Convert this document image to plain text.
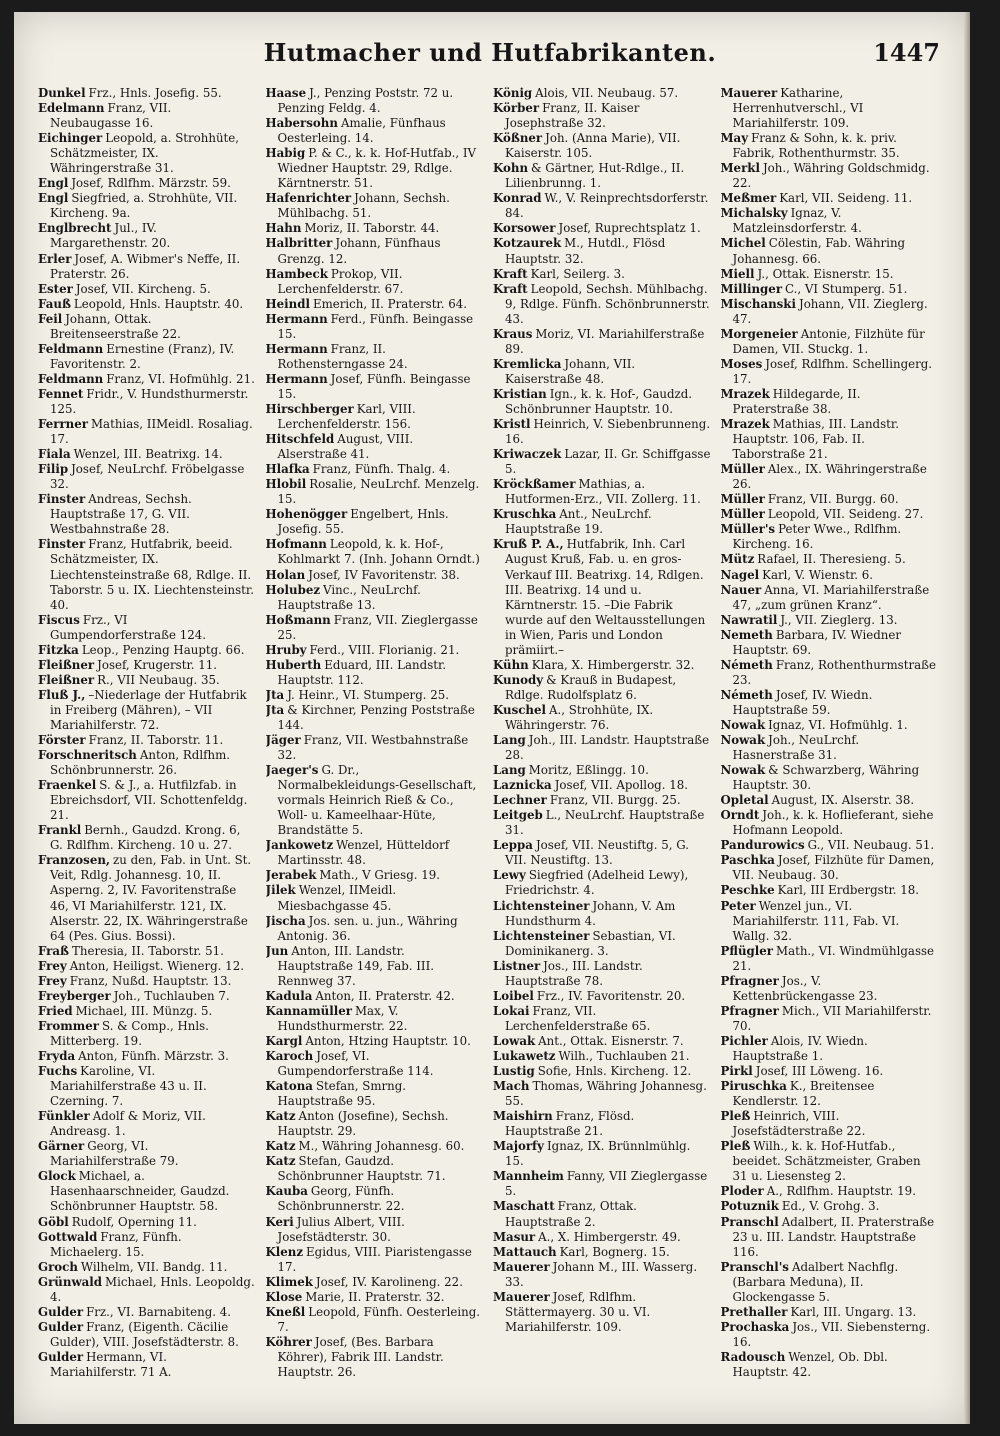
Hutmacher und Hutfabrikanten.	1447
Dunkel Frz., Hnls. Josefig. 55.
Edelmann Franz, VII. Neubaugasse 16.
Eichinger Leopold, a. Strohhüte, Schätzmeister, IX. Währingerstraße 31.
Engl Josef, Rdlfhm. Märzstr. 59.
Engl Siegfried, a. Strohhüte, VII. Kircheng. 9a.
Englbrecht Jul., IV. Margarethenstr. 20.
Erler Josef, A. Wibmer's Neffe, II. Praterstr. 26.
Ester Josef, VII. Kircheng. 5.
Fauß Leopold, Hnls. Hauptstr. 40.
Feil Johann, Ottak. Breitenseerstraße 22.
Feldmann Ernestine (Franz), IV. Favoritenstr. 2.
Feldmann Franz, VI. Hofmühlg. 21.
Fennet Fridr., V. Hundsthurmerstr. 125.
Ferrner Mathias, IIMeidl. Rosaliag. 17.
Fiala Wenzel, III. Beatrixg. 14.
Filip Josef, NeuLrchf. Fröbelgasse 32.
Finster Andreas, Sechsh. Hauptstraße 17, G. VII. Westbahnstraße 28.
Finster Franz, Hutfabrik, beeid. Schätzmeister, IX. Liechtensteinstraße 68, Rdlge. II. Taborstr. 5 u. IX. Liechtensteinstr. 40.
Fiscus Frz., VI Gumpendorferstraße 124.
Fitzka Leop., Penzing Hauptg. 66.
Fleißner Josef, Krugerstr. 11.
Fleißner R., VII Neubaug. 35.
Fluß J., –Niederlage der Hutfabrik in Freiberg (Mähren), – VII Mariahilferstr. 72.
Förster Franz, II. Taborstr. 11.
Forschneritsch Anton, Rdlfhm. Schönbrunnerstr. 26.
Fraenkel S. & J., a. Hutfilzfab. in Ebreichsdorf, VII. Schottenfeldg. 21.
Frankl Bernh., Gaudzd. Krong. 6, G. Rdlfhm. Kircheng. 10 u. 27.
Franzosen, zu den, Fab. in Unt. St. Veit, Rdlg. Johannesg. 10, II. Asperng. 2, IV. Favoritenstraße 46, VI Mariahilferstr. 121, IX. Alserstr. 22, IX. Währingerstraße 64 (Pes. Gius. Bossi).
Fraß Theresia, II. Taborstr. 51.
Frey Anton, Heiligst. Wienerg. 12.
Frey Franz, Nußd. Hauptstr. 13.
Freyberger Joh., Tuchlauben 7.
Fried Michael, III. Münzg. 5.
Frommer S. & Comp., Hnls. Mitterberg. 19.
Fryda Anton, Fünfh. Märzstr. 3.
Fuchs Karoline, VI. Mariahilferstraße 43 u. II. Czerning. 7.
Fünkler Adolf & Moriz, VII. Andreasg. 1.
Gärner Georg, VI. Mariahilferstraße 79.
Glock Michael, a. Hasenhaarschneider, Gaudzd. Schönbrunner Hauptstr. 58.
Göbl Rudolf, Operning 11.
Gottwald Franz, Fünfh. Michaelerg. 15.
Groch Wilhelm, VII. Bandg. 11.
Grünwald Michael, Hnls. Leopoldg. 4.
Gulder Frz., VI. Barnabiteng. 4.
Gulder Franz, (Eigenth. Cäcilie Gulder), VIII. Josefstädterstr. 8.
Gulder Hermann, VI. Mariahilferstr. 71 A.
Haase J., Penzing Poststr. 72 u. Penzing Feldg. 4.
Habersohn Amalie, Fünfhaus Oesterleing. 14.
Habig P. & C., k. k. Hof-Hutfab., IV Wiedner Hauptstr. 29, Rdlge. Kärntnerstr. 51.
Hafenrichter Johann, Sechsh. Mühlbachg. 51.
Hahn Moriz, II. Taborstr. 44.
Halbritter Johann, Fünfhaus Grenzg. 12.
Hambeck Prokop, VII. Lerchenfelderstr. 67.
Heindl Emerich, II. Praterstr. 64.
Hermann Ferd., Fünfh. Beingasse 15.
Hermann Franz, II. Rothensterngasse 24.
Hermann Josef, Fünfh. Beingasse 15.
Hirschberger Karl, VIII. Lerchenfelderstr. 156.
Hitschfeld August, VIII. Alserstraße 41.
Hlafka Franz, Fünfh. Thalg. 4.
Hlobil Rosalie, NeuLrchf. Menzelg. 15.
Hohenögger Engelbert, Hnls. Josefig. 55.
Hofmann Leopold, k. k. Hof-, Kohlmarkt 7. (Inh. Johann Orndt.)
Holan Josef, IV Favoritenstr. 38.
Holubez Vinc., NeuLrchf. Hauptstraße 13.
Hoßmann Franz, VII. Zieglergasse 25.
Hruby Ferd., VIII. Florianig. 21.
Huberth Eduard, III. Landstr. Hauptstr. 112.
Jta J. Heinr., VI. Stumperg. 25.
Jta & Kirchner, Penzing Poststraße 144.
Jäger Franz, VII. Westbahnstraße 32.
Jaeger's G. Dr., Normalbekleidungs-Gesellschaft, vormals Heinrich Rieß & Co., Woll- u. Kameelhaar-Hüte, Brandstätte 5.
Jankowetz Wenzel, Hütteldorf Martinsstr. 48.
Jerabek Math., V Griesg. 19.
Jilek Wenzel, IIMeidl. Miesbachgasse 45.
Jischa Jos. sen. u. jun., Währing Antonig. 36.
Jun Anton, III. Landstr. Hauptstraße 149, Fab. III. Rennweg 37.
Kadula Anton, II. Praterstr. 42.
Kannamüller Max, V. Hundsthurmerstr. 22.
Kargl Anton, Htzing Hauptstr. 10.
Karoch Josef, VI. Gumpendorferstraße 114.
Katona Stefan, Smrng. Hauptstraße 95.
Katz Anton (Josefine), Sechsh. Hauptstr. 29.
Katz M., Währing Johannesg. 60.
Katz Stefan, Gaudzd. Schönbrunner Hauptstr. 71.
Kauba Georg, Fünfh. Schönbrunnerstr. 22.
Keri Julius Albert, VIII. Josefstädterstr. 30.
Klenz Egidus, VIII. Piaristengasse 17.
Klimek Josef, IV. Karolineng. 22.
Klose Marie, II. Praterstr. 32.
Kneßl Leopold, Fünfh. Oesterleing. 7.
Köhrer Josef, (Bes. Barbara Köhrer), Fabrik III. Landstr. Hauptstr. 26.
König Alois, VII. Neubaug. 57.
Körber Franz, II. Kaiser Josephstraße 32.
Kößner Joh. (Anna Marie), VII. Kaiserstr. 105.
Kohn & Gärtner, Hut-Rdlge., II. Lilienbrunng. 1.
Konrad W., V. Reinprechtsdorferstr. 84.
Korsower Josef, Ruprechtsplatz 1.
Kotzaurek M., Hutdl., Flösd Hauptstr. 32.
Kraft Karl, Seilerg. 3.
Kraft Leopold, Sechsh. Mühlbachg. 9, Rdlge. Fünfh. Schönbrunnerstr. 43.
Kraus Moriz, VI. Mariahilferstraße 89.
Kremlicka Johann, VII. Kaiserstraße 48.
Kristian Ign., k. k. Hof-, Gaudzd. Schönbrunner Hauptstr. 10.
Kristl Heinrich, V. Siebenbrunneng. 16.
Kriwaczek Lazar, II. Gr. Schiffgasse 5.
Kröckßamer Mathias, a. Hutformen-Erz., VII. Zollerg. 11.
Kruschka Ant., NeuLrchf. Hauptstraße 19.
Kruß P. A., Hutfabrik, Inh. Carl August Kruß, Fab. u. en gros-Verkauf III. Beatrixg. 14, Rdlgen. III. Beatrixg. 14 und u. Kärntnerstr. 15. –Die Fabrik wurde auf den Weltausstellungen in Wien, Paris und London prämiirt.–
Kühn Klara, X. Himbergerstr. 32.
Kunody & Krauß in Budapest, Rdlge. Rudolfsplatz 6.
Kuschel A., Strohhüte, IX. Währingerstr. 76.
Lang Joh., III. Landstr. Hauptstraße 28.
Lang Moritz, Eßlingg. 10.
Laznicka Josef, VII. Apollog. 18.
Lechner Franz, VII. Burgg. 25.
Leitgeb L., NeuLrchf. Hauptstraße 31.
Leppa Josef, VII. Neustiftg. 5, G. VII. Neustiftg. 13.
Lewy Siegfried (Adelheid Lewy), Friedrichstr. 4.
Lichtensteiner Johann, V. Am Hundsthurm 4.
Lichtensteiner Sebastian, VI. Dominikanerg. 3.
Listner Jos., III. Landstr. Hauptstraße 78.
Loibel Frz., IV. Favoritenstr. 20.
Lokai Franz, VII. Lerchenfelderstraße 65.
Lowak Ant., Ottak. Eisnerstr. 7.
Lukawetz Wilh., Tuchlauben 21.
Lustig Sofie, Hnls. Kircheng. 12.
Mach Thomas, Währing Johannesg. 55.
Maishirn Franz, Flösd. Hauptstraße 21.
Majorfy Ignaz, IX. Brünnlmühlg. 15.
Mannheim Fanny, VII Zieglergasse 5.
Maschatt Franz, Ottak. Hauptstraße 2.
Masur A., X. Himbergerstr. 49.
Mattauch Karl, Bognerg. 15.
Mauerer Johann M., III. Wasserg. 33.
Mauerer Josef, Rdlfhm. Stättermayerg. 30 u. VI. Mariahilferstr. 109.
Mauerer Katharine, Herrenhutverschl., VI Mariahilferstr. 109.
May Franz & Sohn, k. k. priv. Fabrik, Rothenthurmstr. 35.
Merkl Joh., Währing Goldschmidg. 22.
Meßmer Karl, VII. Seideng. 11.
Michalsky Ignaz, V. Matzleinsdorferstr. 4.
Michel Cölestin, Fab. Währing Johannesg. 66.
Miell J., Ottak. Eisnerstr. 15.
Millinger C., VI Stumperg. 51.
Mischanski Johann, VII. Zieglerg. 47.
Morgeneier Antonie, Filzhüte für Damen, VII. Stuckg. 1.
Moses Josef, Rdlfhm. Schellingerg. 17.
Mrazek Hildegarde, II. Praterstraße 38.
Mrazek Mathias, III. Landstr. Hauptstr. 106, Fab. II. Taborstraße 21.
Müller Alex., IX. Währingerstraße 26.
Müller Franz, VII. Burgg. 60.
Müller Leopold, VII. Seideng. 27.
Müller's Peter Wwe., Rdlfhm. Kircheng. 16.
Mütz Rafael, II. Theresieng. 5.
Nagel Karl, V. Wienstr. 6.
Nauer Anna, VI. Mariahilferstraße 47, „zum grünen Kranz“.
Nawratil J., VII. Zieglerg. 13.
Nemeth Barbara, IV. Wiedner Hauptstr. 69.
Németh Franz, Rothenthurmstraße 23.
Németh Josef, IV. Wiedn. Hauptstraße 59.
Nowak Ignaz, VI. Hofmühlg. 1.
Nowak Joh., NeuLrchf. Hasnerstraße 31.
Nowak & Schwarzberg, Währing Hauptstr. 30.
Opletal August, IX. Alserstr. 38.
Orndt Joh., k. k. Hoflieferant, siehe Hofmann Leopold.
Pandurowics G., VII. Neubaug. 51.
Paschka Josef, Filzhüte für Damen, VII. Neubaug. 30.
Peschke Karl, III Erdbergstr. 18.
Peter Wenzel jun., VI. Mariahilferstr. 111, Fab. VI. Wallg. 32.
Pflügler Math., VI. Windmühlgasse 21.
Pfragner Jos., V. Kettenbrückengasse 23.
Pfragner Mich., VII Mariahilferstr. 70.
Pichler Alois, IV. Wiedn. Hauptstraße 1.
Pirkl Josef, III Löweng. 16.
Piruschka K., Breitensee Kendlerstr. 12.
Pleß Heinrich, VIII. Josefstädterstraße 22.
Pleß Wilh., k. k. Hof-Hutfab., beeidet. Schätzmeister, Graben 31 u. Liesensteg 2.
Ploder A., Rdlfhm. Hauptstr. 19.
Potuznik Ed., V. Grohg. 3.
Pranschl Adalbert, II. Praterstraße 23 u. III. Landstr. Hauptstraße 116.
Pranschl's Adalbert Nachflg. (Barbara Meduna), II. Glockengasse 5.
Prethaller Karl, III. Ungarg. 13.
Prochaska Jos., VII. Siebensterng. 16.
Radousch Wenzel, Ob. Dbl. Hauptstr. 42.
